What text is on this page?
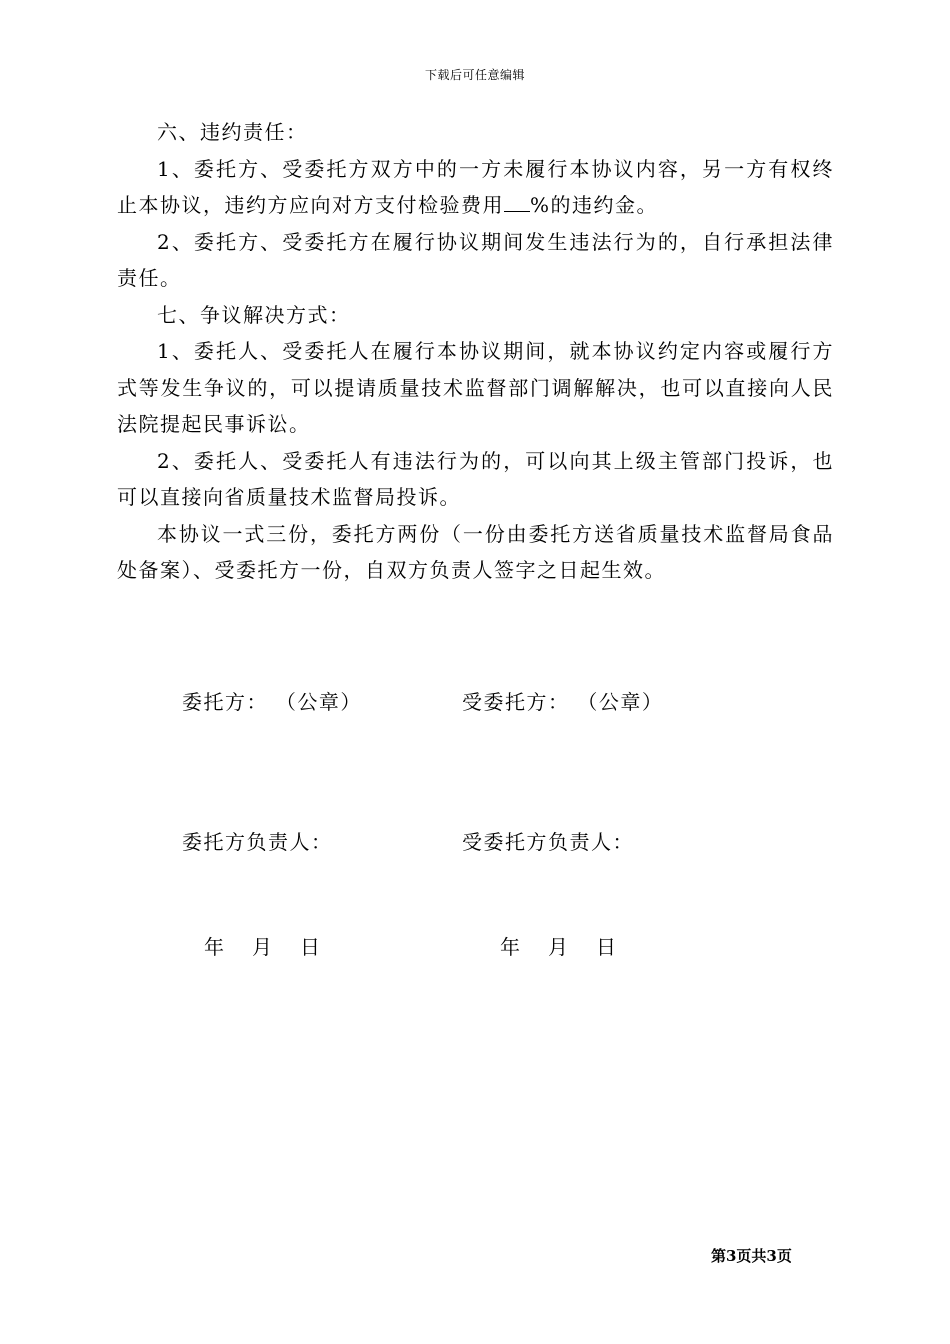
下载后可任意编辑

六、违约责任：

1、委托方、受委托方双方中的一方未履行本协议内容，另一方有权终止本协议，违约方应向对方支付检验费用 %的违约金。

2、委托方、受委托方在履行协议期间发生违法行为的，自行承担法律责任。

七、争议解决方式：

1、委托人、受委托人在履行本协议期间，就本协议约定内容或履行方式等发生争议的，可以提请质量技术监督部门调解解决，也可以直接向人民法院提起民事诉讼。

2、委托人、受委托人有违法行为的，可以向其上级主管部门投诉，也可以直接向省质量技术监督局投诉。

本协议一式三份，委托方两份（一份由委托方送省质量技术监督局食品处备案）、受委托方一份，自双方负责人签字之日起生效。

委托方： （公章）	受委托方： （公章）
委托方负责人：	受委托方负责人：
年 月 日	年 月 日
第3页共3页
